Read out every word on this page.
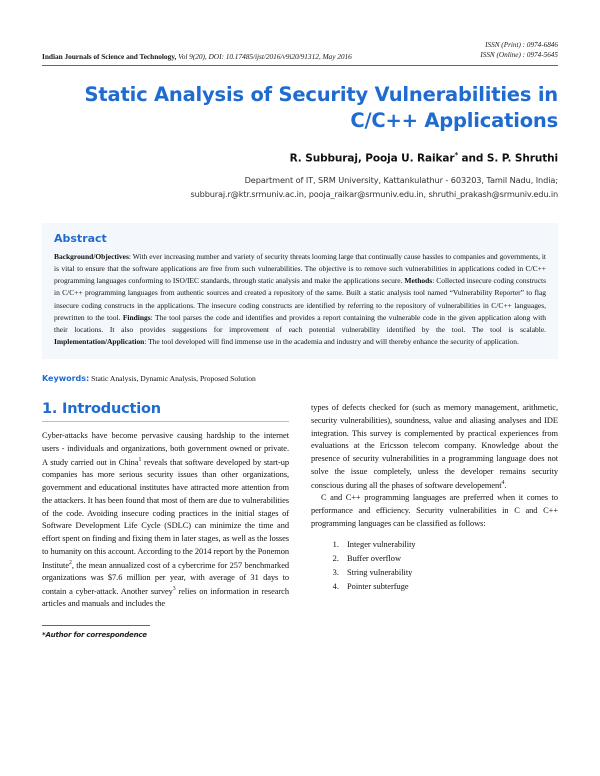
Indian Journals of Science and Technology, Vol 9(20), DOI: 10.17485/ijst/2016/v9i20/91312, May 2016
ISSN (Print) : 0974-6846
ISSN (Online) : 0974-5645
Static Analysis of Security Vulnerabilities in C/C++ Applications
R. Subburaj, Pooja U. Raikar* and S. P. Shruthi
Department of IT, SRM University, Kattankulathur - 603203, Tamil Nadu, India;
subburaj.r@ktr.srmuniv.ac.in, pooja_raikar@srmuniv.edu.in, shruthi_prakash@srmuniv.edu.in
Abstract
Background/Objectives: With ever increasing number and variety of security threats looming large that continually cause hassles to companies and governments, it is vital to ensure that the software applications are free from such vulnerabilities. The objective is to remove such vulnerabilities in applications coded in C/C++ programming languages conforming to ISO/IEC standards, through static analysis and make the applications secure. Methods: Collected insecure coding constructs in C/C++ programming languages from authentic sources and created a repository of the same. Built a static analysis tool named “Vulnerability Reporter” to flag insecure coding constructs in the applications. The insecure coding constructs are identified by referring to the repository of vulnerabilities in C/C++ languages, prewritten to the tool. Findings: The tool parses the code and identifies and provides a report containing the vulnerable code in the given application along with their locations. It also provides suggestions for improvement of each potential vulnerability identified by the tool. The tool is scalable. Implementation/Application: The tool developed will find immense use in the academia and industry and will thereby enhance the security of application.
Keywords: Static Analysis, Dynamic Analysis, Proposed Solution
1. Introduction

Cyber-attacks have become pervasive causing hardship to the internet users - individuals and organizations, both government owned or private. A study carried out in China$^1$ reveals that software developed by start-up companies has more serious security issues than other organizations, government and educational institutes have attracted more attention from the attackers. It has been found that most of them are due to vulnerabilities of the code. Avoiding insecure coding practices in the initial stages of Software Development Life Cycle (SDLC) can minimize the time and effort spent on finding and fixing them in later stages, as well as the losses to humanity on this account. According to the 2014 report by the Ponemon Institute$^2$, the mean annualized cost of a cybercrime for 257 benchmarked organizations was $7.6 million per year, with average of 31 days to contain a cyber-attack. Another survey$^3$ relies on information in research articles and manuals and includes the

*Author for correspondence

types of defects checked for (such as memory management, arithmetic, security vulnerabilities), soundness, value and aliasing analyses and IDE integration. This survey is complemented by practical experiences from evaluations at the Ericsson telecom company. Knowledge about the presence of security vulnerabilities in a programming language does not solve the issue completely, unless the developer remains security conscious during all the phases of software developement$^4$.

C and C++ programming languages are preferred when it comes to performance and efficiency. Security vulnerabilities in C and C++ programming languages can be classified as follows:

1. Integer vulnerability
2. Buffer overflow
3. String vulnerability
4. Pointer subterfuge
